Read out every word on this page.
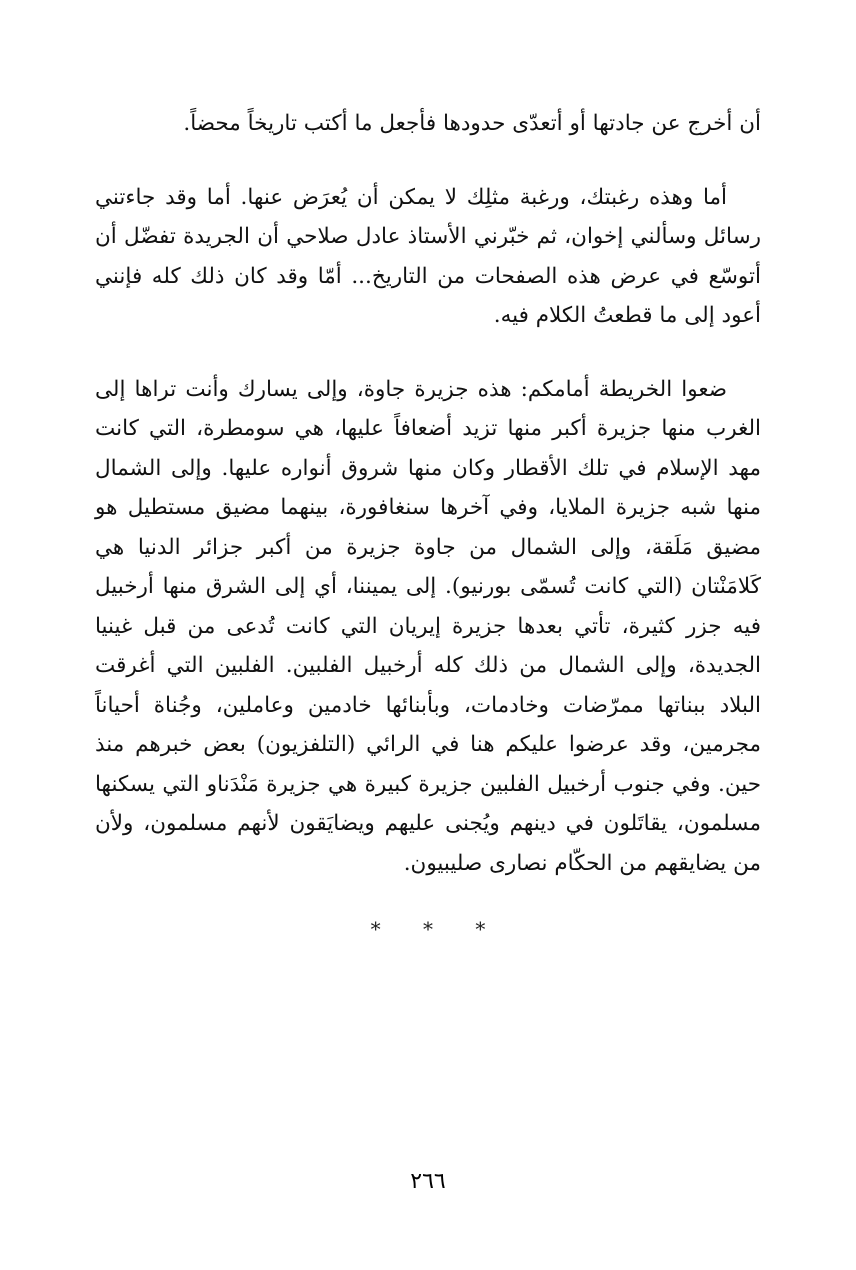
أن أخرج عن جادتها أو أتعدّى حدودها فأجعل ما أكتب تاريخاً محضاً.

أما وهذه رغبتك، ورغبة مثلِك لا يمكن أن يُعرَض عنها. أما وقد جاءتني رسائل وسألني إخوان، ثم خبّرني الأستاذ عادل صلاحي أن الجريدة تفضّل أن أتوسّع في عرض هذه الصفحات من التاريخ... أمّا وقد كان ذلك كله فإنني أعود إلى ما قطعتُ الكلام فيه.

ضعوا الخريطة أمامكم: هذه جزيرة جاوة، وإلى يسارك وأنت تراها إلى الغرب منها جزيرة أكبر منها تزيد أضعافاً عليها، هي سومطرة، التي كانت مهد الإسلام في تلك الأقطار وكان منها شروق أنواره عليها. وإلى الشمال منها شبه جزيرة الملايا، وفي آخرها سنغافورة، بينهما مضيق مستطيل هو مضيق مَلَقة، وإلى الشمال من جاوة جزيرة من أكبر جزائر الدنيا هي كَلامَنْتان (التي كانت تُسمّى بورنيو). إلى يميننا، أي إلى الشرق منها أرخبيل فيه جزر كثيرة، تأتي بعدها جزيرة إيريان التي كانت تُدعى من قبل غينيا الجديدة، وإلى الشمال من ذلك كله أرخبيل الفلبين. الفلبين التي أغرقت البلاد ببناتها ممرّضات وخادمات، وبأبنائها خادمين وعاملين، وجُناة أحياناً مجرمين، وقد عرضوا عليكم هنا في الرائي (التلفزيون) بعض خبرهم منذ حين. وفي جنوب أرخبيل الفلبين جزيرة كبيرة هي جزيرة مَنْدَناو التي يسكنها مسلمون، يقاتَلون في دينهم ويُجنى عليهم ويضايَقون لأنهم مسلمون، ولأن من يضايقهم من الحكّام نصارى صليبيون.

* * *
٢٦٦
